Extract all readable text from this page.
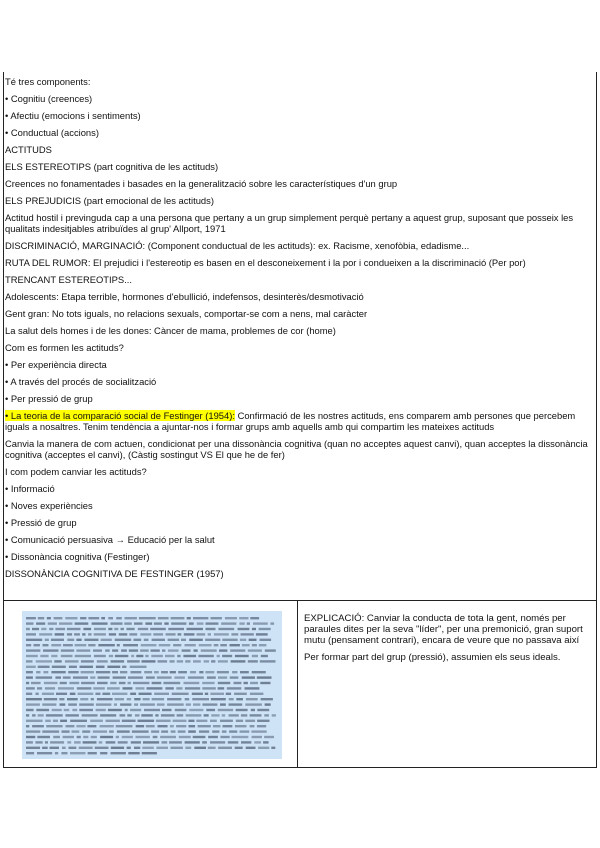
Té tres components:
• Cognitiu (creences)
• Afectiu (emocions i sentiments)
• Conductual (accions)
ACTITUDS
ELS ESTEREOTIPS (part cognitiva de les actituds)
Creences no fonamentades i basades en la generalització sobre les característiques d'un grup
ELS PREJUDICIS (part emocional de les actituds)
Actitud hostil i previnguda cap a una persona que pertany a un grup simplement perquè pertany a aquest grup, suposant que posseix les qualitats indesitjables atribuïdes al grup' Allport, 1971
DISCRIMINACIÓ, MARGINACIÓ: (Component conductual de les actituds): ex. Racisme, xenofòbia, edadisme...
RUTA DEL RUMOR: El prejudici i l'estereotip es basen en el desconeixement i la por i condueixen a la discriminació (Per por)
TRENCANT ESTEREOTIPS...
Adolescents: Etapa terrible, hormones d'ebullició, indefensos, desinterès/desmotivació
Gent gran: No tots iguals, no relacions sexuals, comportar-se com a nens, mal caràcter
La salut dels homes i de les dones: Càncer de mama, problemes de cor (home)
Com es formen les actituds?
• Per experiència directa
• A través del procés de socialització
• Per pressió de grup
• La teoria de la comparació social de Festinger (1954): Confirmació de les nostres actituds, ens comparem amb persones que percebem iguals a nosaltres. Tenim tendència a ajuntar-nos i formar grups amb aquells amb qui compartim les mateixes actituds
Canvia la manera de com actuen, condicionat per una dissonància cognitiva (quan no acceptes aquest canvi), quan acceptes la dissonància cognitiva (acceptes el canvi), (Càstig sostingut VS El que he de fer)
I com podem canviar les actituds?
• Informació
• Noves experiències
• Pressió de grup
• Comunicació persuasiva → Educació per la salut
• Dissonància cognitiva (Festinger)
DISSONÀNCIA COGNITIVA DE FESTINGER (1957)

EXPLICACIÓ: Canviar la conducta de tota la gent, només per paraules dites per la seva "líder", per una premonició, gran suport mutu (pensament contrari), encara de veure que no passava així

Per formar part del grup (pressió), assumien els seus ideals.
